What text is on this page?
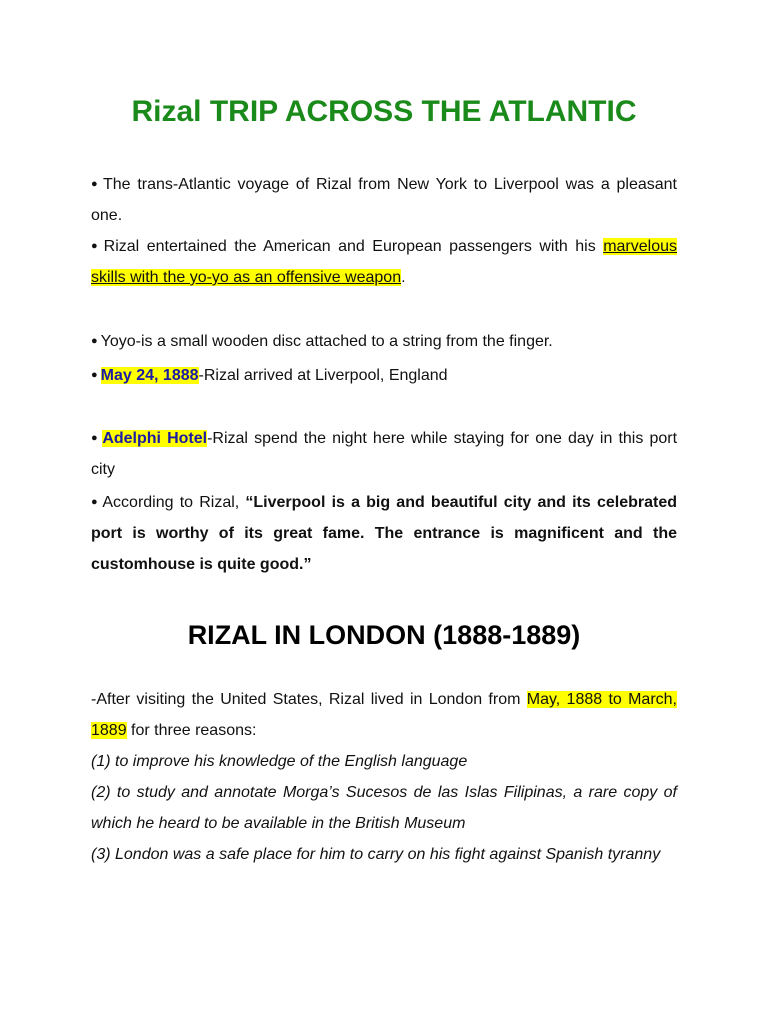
Rizal TRIP ACROSS THE ATLANTIC

● The trans-Atlantic voyage of Rizal from New York to Liverpool was a pleasant one.

● Rizal entertained the American and European passengers with his marvelous skills with the yo-yo as an offensive weapon.

● Yoyo-is a small wooden disc attached to a string from the finger.

● May 24, 1888-Rizal arrived at Liverpool, England

● Adelphi Hotel-Rizal spend the night here while staying for one day in this port city

● According to Rizal, “Liverpool is a big and beautiful city and its celebrated port is worthy of its great fame. The entrance is magnificent and the customhouse is quite good.”

RIZAL IN LONDON (1888-1889)

-After visiting the United States, Rizal lived in London from May, 1888 to March, 1889 for three reasons:

(1) to improve his knowledge of the English language

(2) to study and annotate Morga’s Sucesos de las Islas Filipinas, a rare copy of which he heard to be available in the British Museum

(3) London was a safe place for him to carry on his fight against Spanish tyranny
